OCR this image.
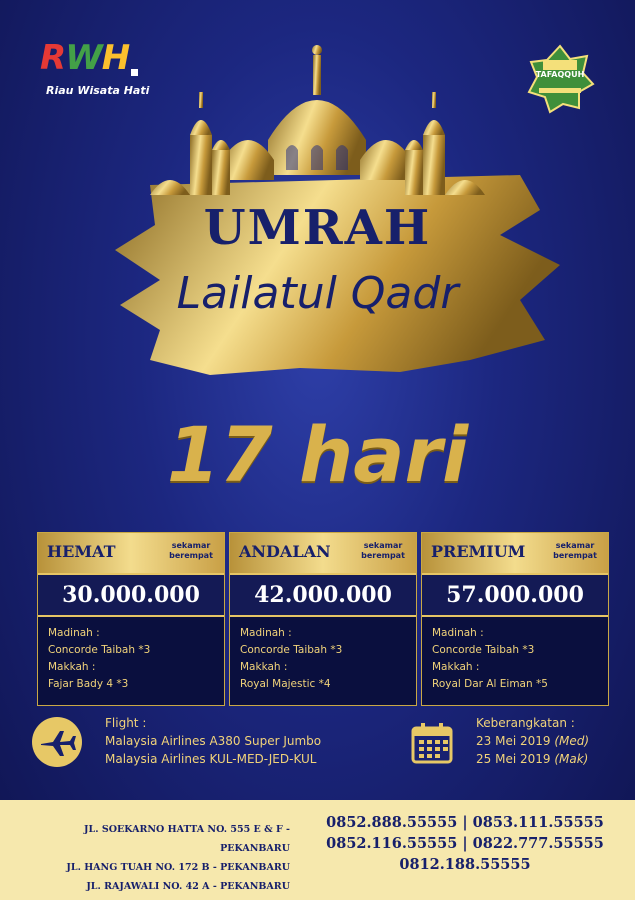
RWH
Riau Wisata Hati
TAFAQQUH
UMRAH
Lailatul Qadr
17 hari
HEMAT	sekamar berempat
30.000.000
Madinah :
Concorde Taibah *3
Makkah :
Fajar Bady 4 *3
ANDALAN	sekamar berempat
42.000.000
Madinah :
Concorde Taibah *3
Makkah :
Royal Majestic *4
PREMIUM	sekamar berempat
57.000.000
Madinah :
Concorde Taibah *3
Makkah :
Royal Dar Al Eiman *5
Flight :
Malaysia Airlines A380 Super Jumbo
Malaysia Airlines KUL-MED-JED-KUL
Keberangkatan :
23 Mei 2019 (Med)
25 Mei 2019 (Mak)
JL. SOEKARNO HATTA NO. 555 E & F - PEKANBARU
JL. HANG TUAH NO. 172 B - PEKANBARU
JL. RAJAWALI NO. 42 A - PEKANBARU
0852.888.55555 | 0853.111.55555
0852.116.55555 | 0822.777.55555
0812.188.55555
